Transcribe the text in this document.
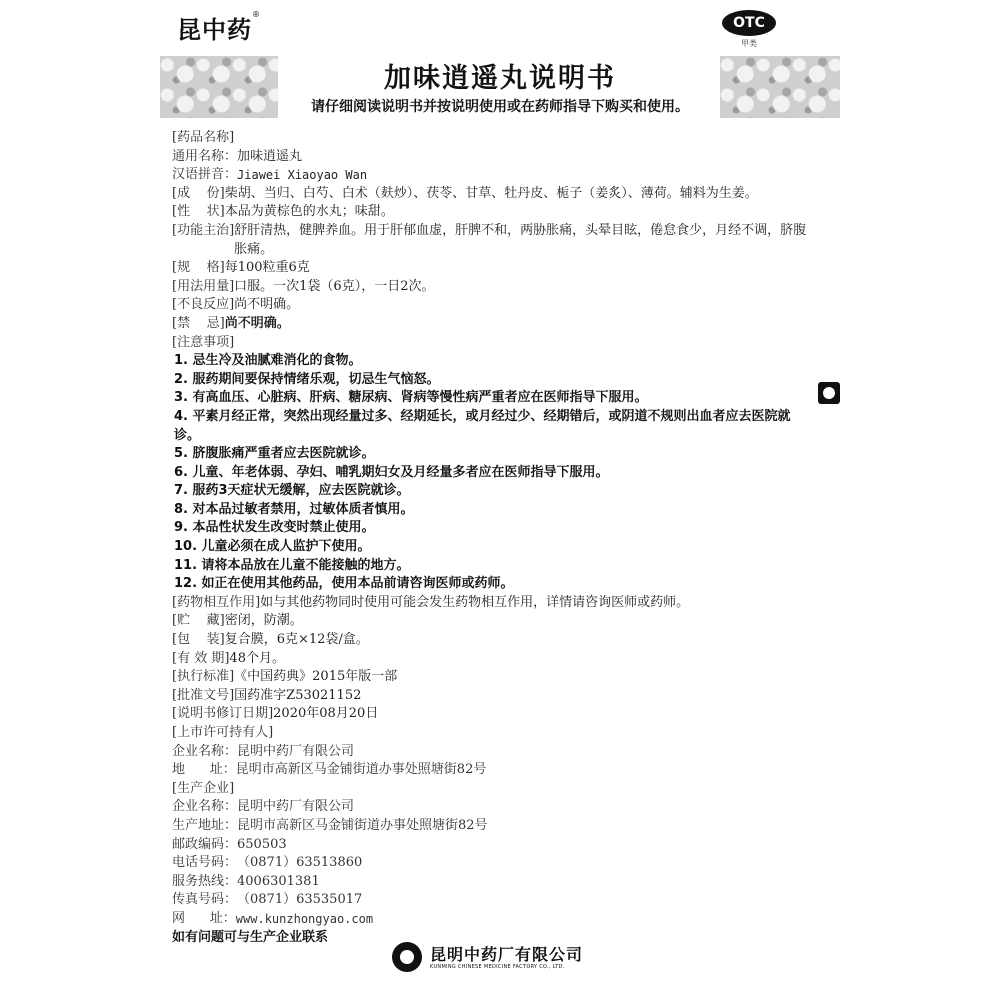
昆中药®
OTC
甲类
加味逍遥丸说明书
请仔细阅读说明书并按说明使用或在药师指导下购买和使用。
[药品名称]
通用名称： 加味逍遥丸
汉语拼音： Jiawei Xiaoyao Wan
[成    份] 柴胡、当归、白芍、白术（麸炒）、茯苓、甘草、牡丹皮、栀子（姜炙）、薄荷。辅料为生姜。
[性    状] 本品为黄棕色的水丸；味甜。
[功能主治] 舒肝清热，健脾养血。用于肝郁血虚，肝脾不和，两胁胀痛，头晕目眩，倦怠食少，月经不调，脐腹胀痛。
[规    格] 每100粒重6克
[用法用量] 口服。一次1袋（6克），一日2次。
[不良反应] 尚不明确。
[禁    忌] 尚不明确。
[注意事项]
1. 忌生冷及油腻难消化的食物。
2. 服药期间要保持情绪乐观，切忌生气恼怒。
3. 有高血压、心脏病、肝病、糖尿病、肾病等慢性病严重者应在医师指导下服用。
4. 平素月经正常，突然出现经量过多、经期延长，或月经过少、经期错后，或阴道不规则出血者应去医院就诊。
5. 脐腹胀痛严重者应去医院就诊。
6. 儿童、年老体弱、孕妇、哺乳期妇女及月经量多者应在医师指导下服用。
7. 服药3天症状无缓解，应去医院就诊。
8. 对本品过敏者禁用，过敏体质者慎用。
9. 本品性状发生改变时禁止使用。
10. 儿童必须在成人监护下使用。
11. 请将本品放在儿童不能接触的地方。
12. 如正在使用其他药品，使用本品前请咨询医师或药师。
[药物相互作用] 如与其他药物同时使用可能会发生药物相互作用，详情请咨询医师或药师。
[贮    藏] 密闭，防潮。
[包    装] 复合膜，6克×12袋/盒。
[有 效 期] 48个月。
[执行标准] 《中国药典》2015年版一部
[批准文号] 国药准字Z53021152
[说明书修订日期] 2020年08月20日
[上市许可持有人]
企业名称： 昆明中药厂有限公司
地      址： 昆明市高新区马金铺街道办事处照塘街82号
[生产企业]
企业名称： 昆明中药厂有限公司
生产地址： 昆明市高新区马金铺街道办事处照塘街82号
邮政编码： 650503
电话号码： （0871）63513860
服务热线： 4006301381
传真号码： （0871）63535017
网      址： www.kunzhongyao.com
如有问题可与生产企业联系
昆明中药厂有限公司
KUNMING CHINESE MEDICINE FACTORY CO., LTD.
